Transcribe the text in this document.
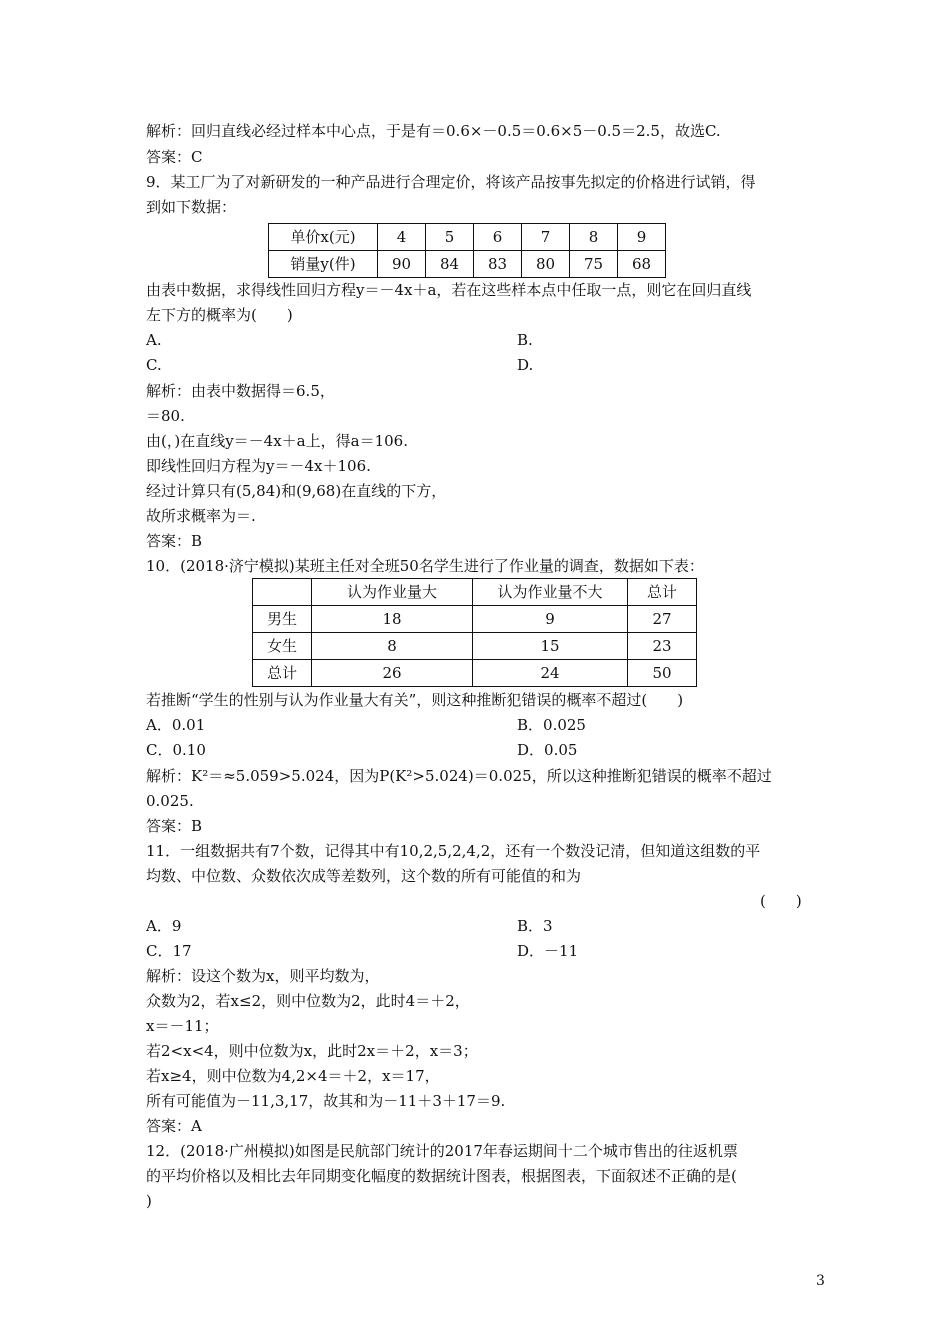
解析：回归直线必经过样本中心点，于是有＝0.6×－0.5＝0.6×5－0.5＝2.5，故选C.
答案：C
9．某工厂为了对新研发的一种产品进行合理定价，将该产品按事先拟定的价格进行试销，得
到如下数据：
单价x(元)	4	5	6	7	8	9
销量y(件)	90	84	83	80	75	68
由表中数据，求得线性回归方程y＝－4x＋a，若在这些样本点中任取一点，则它在回归直线
左下方的概率为(　　)
A.	B.
C.	D.
解析：由表中数据得＝6.5，
＝80.
由(，)在直线y＝－4x＋a上，得a＝106.
即线性回归方程为y＝－4x＋106.
经过计算只有(5,84)和(9,68)在直线的下方，
故所求概率为＝.
答案：B
10．(2018·济宁模拟)某班主任对全班50名学生进行了作业量的调查，数据如下表：
	认为作业量大	认为作业量不大	总计
男生	18	9	27
女生	8	15	23
总计	26	24	50
若推断“学生的性别与认为作业量大有关”，则这种推断犯错误的概率不超过(　　)
A．0.01	B．0.025
C．0.10	D．0.05
解析：K²＝≈5.059>5.024，因为P(K²>5.024)＝0.025，所以这种推断犯错误的概率不超过
0.025.
答案：B
11．一组数据共有7个数，记得其中有10,2,5,2,4,2，还有一个数没记清，但知道这组数的平
均数、中位数、众数依次成等差数列，这个数的所有可能值的和为
(　　)
A．9	B．3
C．17	D．－11
解析：设这个数为x，则平均数为，
众数为2，若x≤2，则中位数为2，此时4＝＋2，
x＝－11；
若2<x<4，则中位数为x，此时2x＝＋2，x＝3；
若x≥4，则中位数为4,2×4＝＋2，x＝17，
所有可能值为－11,3,17，故其和为－11＋3＋17＝9.
答案：A
12．(2018·广州模拟)如图是民航部门统计的2017年春运期间十二个城市售出的往返机票
的平均价格以及相比去年同期变化幅度的数据统计图表，根据图表，下面叙述不正确的是(
)
3
